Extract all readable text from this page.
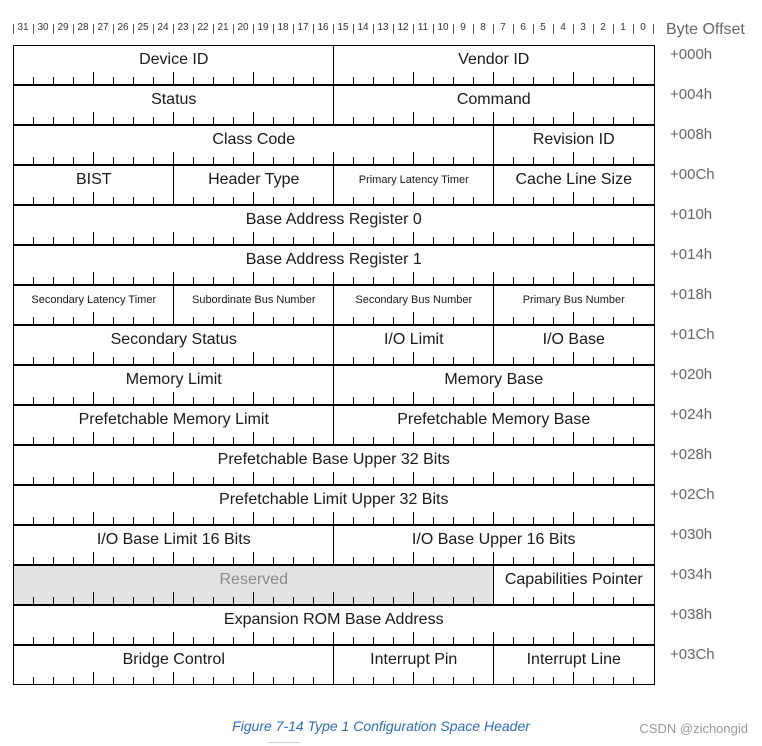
31 30 29 28 27 26 25 24 23 22 21 20 19 18 17 16 15 14 13 12 11 10	9	8	7	6	5	4	3	2	1	0	Byte Offset
Device ID	Vendor ID	+000h
Status	Command	+004h
Class Code	Revision ID	+008h
BIST	Header Type	Primary Latency Timer	Cache Line Size	+00Ch
Base Address Register 0	+010h
Base Address Register 1	+014h
Secondary Latency Timer	Subordinate Bus Number	Secondary Bus Number	Primary Bus Number	+018h
Secondary Status	I/O Limit	I/O Base	+01Ch
Memory Limit	Memory Base	+020h
Prefetchable Memory Limit	Prefetchable Memory Base	+024h
Prefetchable Base Upper 32 Bits	+028h
Prefetchable Limit Upper 32 Bits	+02Ch
I/O Base Limit 16 Bits	I/O Base Upper 16 Bits	+030h
Reserved	Capabilities Pointer	+034h
Expansion ROM Base Address	+038h
Bridge Control	Interrupt Pin	Interrupt Line	+03Ch
Figure 7-14 Type 1 Configuration Space Header	CSDN @zichongid
